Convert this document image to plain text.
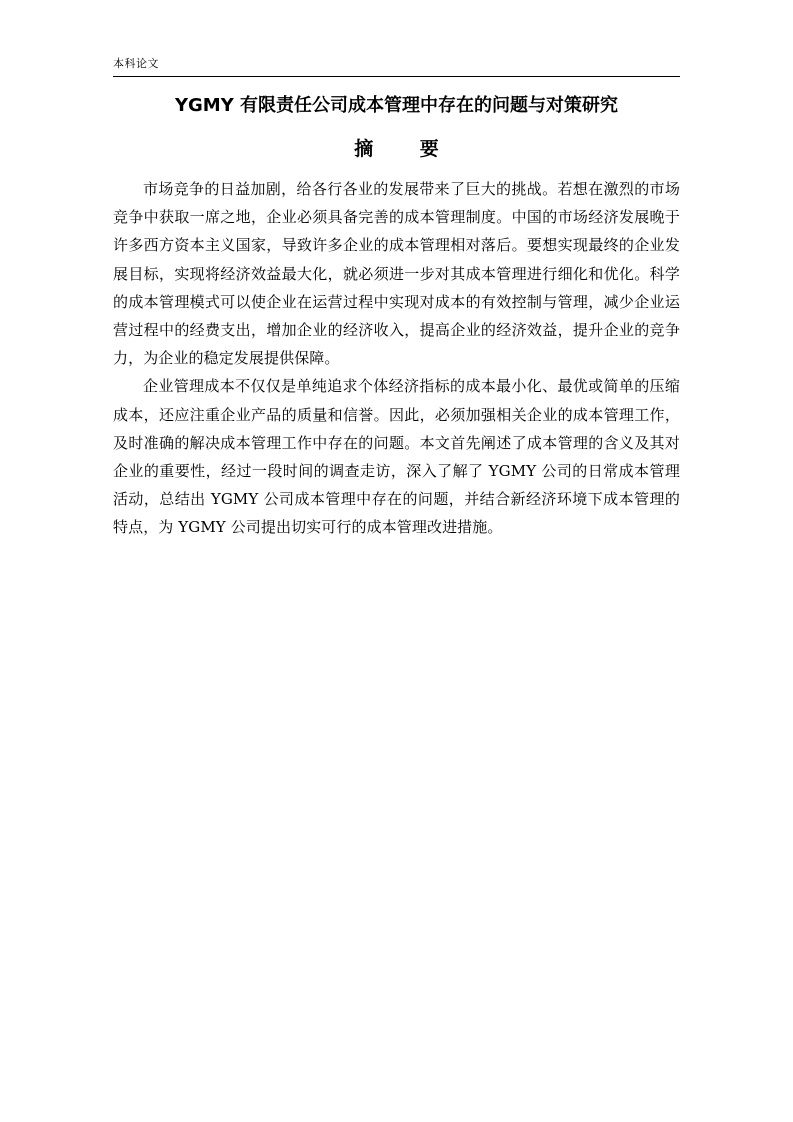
本科论文
YGMY 有限责任公司成本管理中存在的问题与对策研究
摘 要

市场竞争的日益加剧，给各行各业的发展带来了巨大的挑战。若想在激烈的市场竞争中获取一席之地，企业必须具备完善的成本管理制度。中国的市场经济发展晚于许多西方资本主义国家，导致许多企业的成本管理相对落后。要想实现最终的企业发展目标，实现将经济效益最大化，就必须进一步对其成本管理进行细化和优化。科学的成本管理模式可以使企业在运营过程中实现对成本的有效控制与管理，减少企业运营过程中的经费支出，增加企业的经济收入，提高企业的经济效益，提升企业的竞争力，为企业的稳定发展提供保障。

企业管理成本不仅仅是单纯追求个体经济指标的成本最小化、最优或简单的压缩成本，还应注重企业产品的质量和信誉。因此，必须加强相关企业的成本管理工作，及时准确的解决成本管理工作中存在的问题。本文首先阐述了成本管理的含义及其对企业的重要性，经过一段时间的调查走访，深入了解了 YGMY 公司的日常成本管理活动，总结出 YGMY 公司成本管理中存在的问题，并结合新经济环境下成本管理的特点，为 YGMY 公司提出切实可行的成本管理改进措施。
